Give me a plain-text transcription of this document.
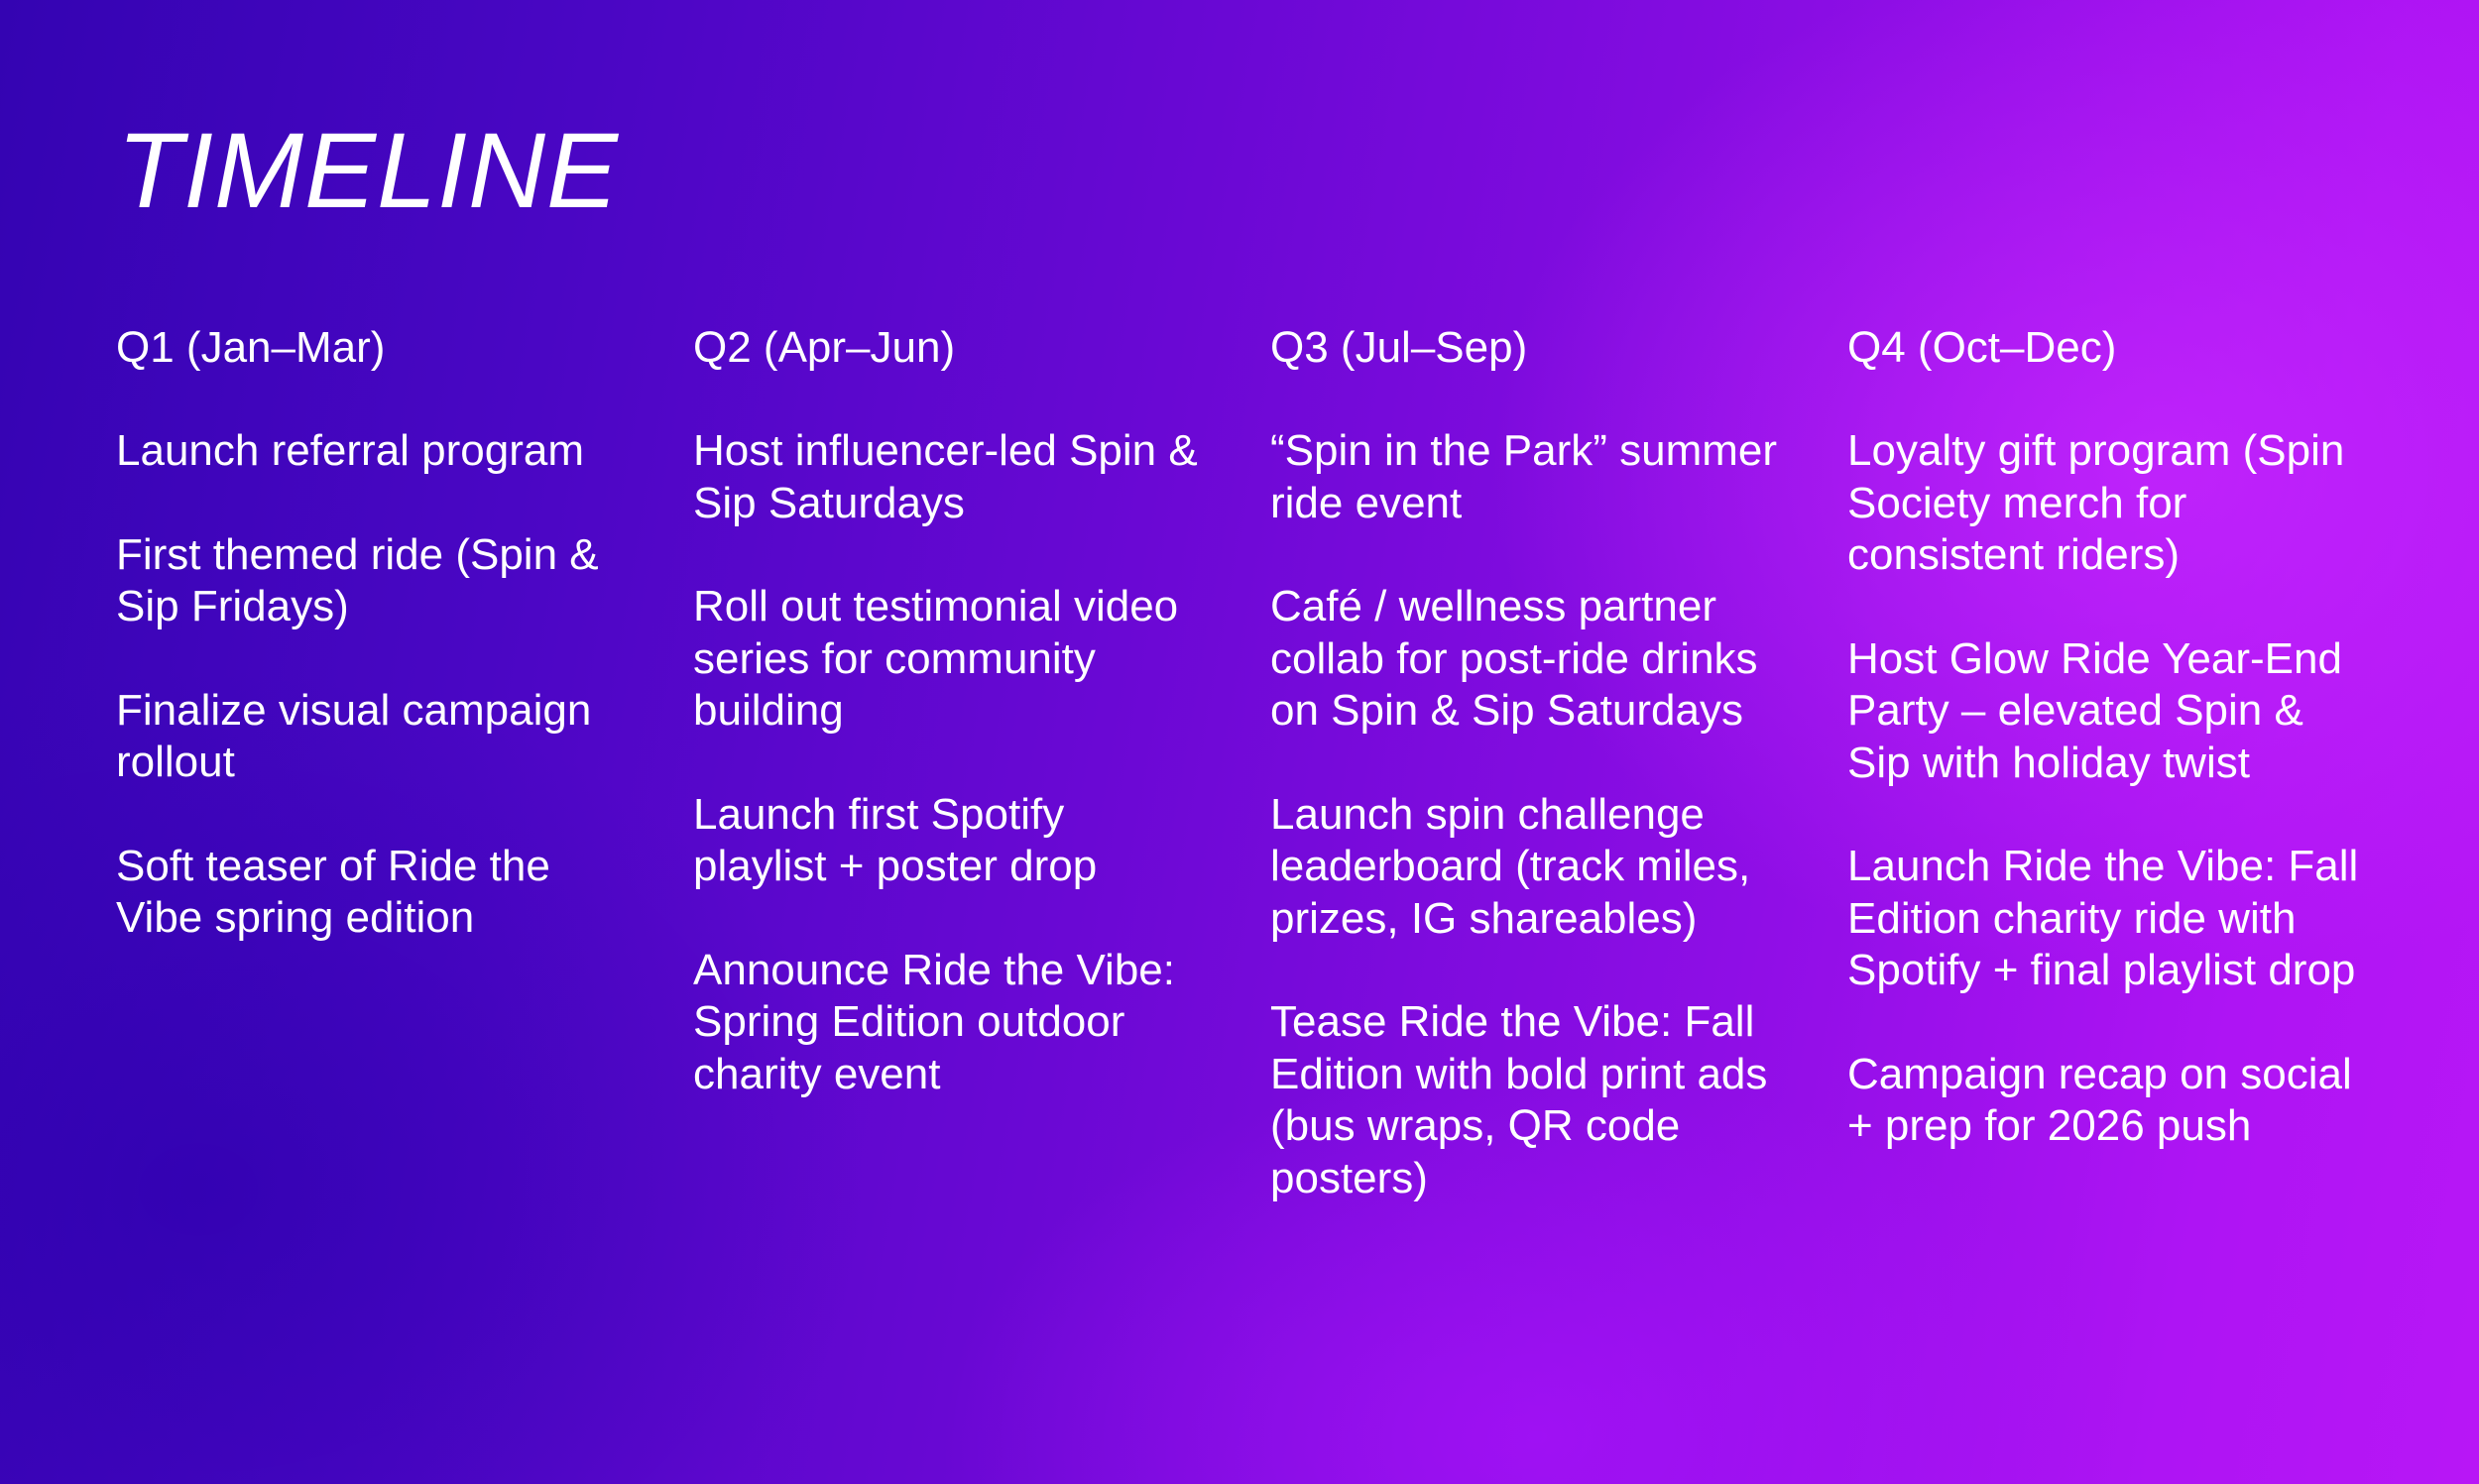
TIMELINE
Q1 (Jan–Mar)
Launch referral program
First themed ride (Spin & Sip Fridays)
Finalize visual campaign rollout
Soft teaser of Ride the Vibe spring edition
Q2 (Apr–Jun)
Host influencer-led Spin & Sip Saturdays
Roll out testimonial video series for community building
Launch first Spotify playlist + poster drop
Announce Ride the Vibe: Spring Edition outdoor charity event
Q3 (Jul–Sep)
“Spin in the Park” summer ride event
Café / wellness partner collab for post-ride drinks on Spin & Sip Saturdays
Launch spin challenge leaderboard (track miles, prizes, IG shareables)
Tease Ride the Vibe: Fall Edition with bold print ads (bus wraps, QR code posters)
Q4 (Oct–Dec)
Loyalty gift program (Spin Society merch for consistent riders)
Host Glow Ride Year-End Party – elevated Spin & Sip with holiday twist
Launch Ride the Vibe: Fall Edition charity ride with Spotify + final playlist drop
Campaign recap on social + prep for 2026 push
